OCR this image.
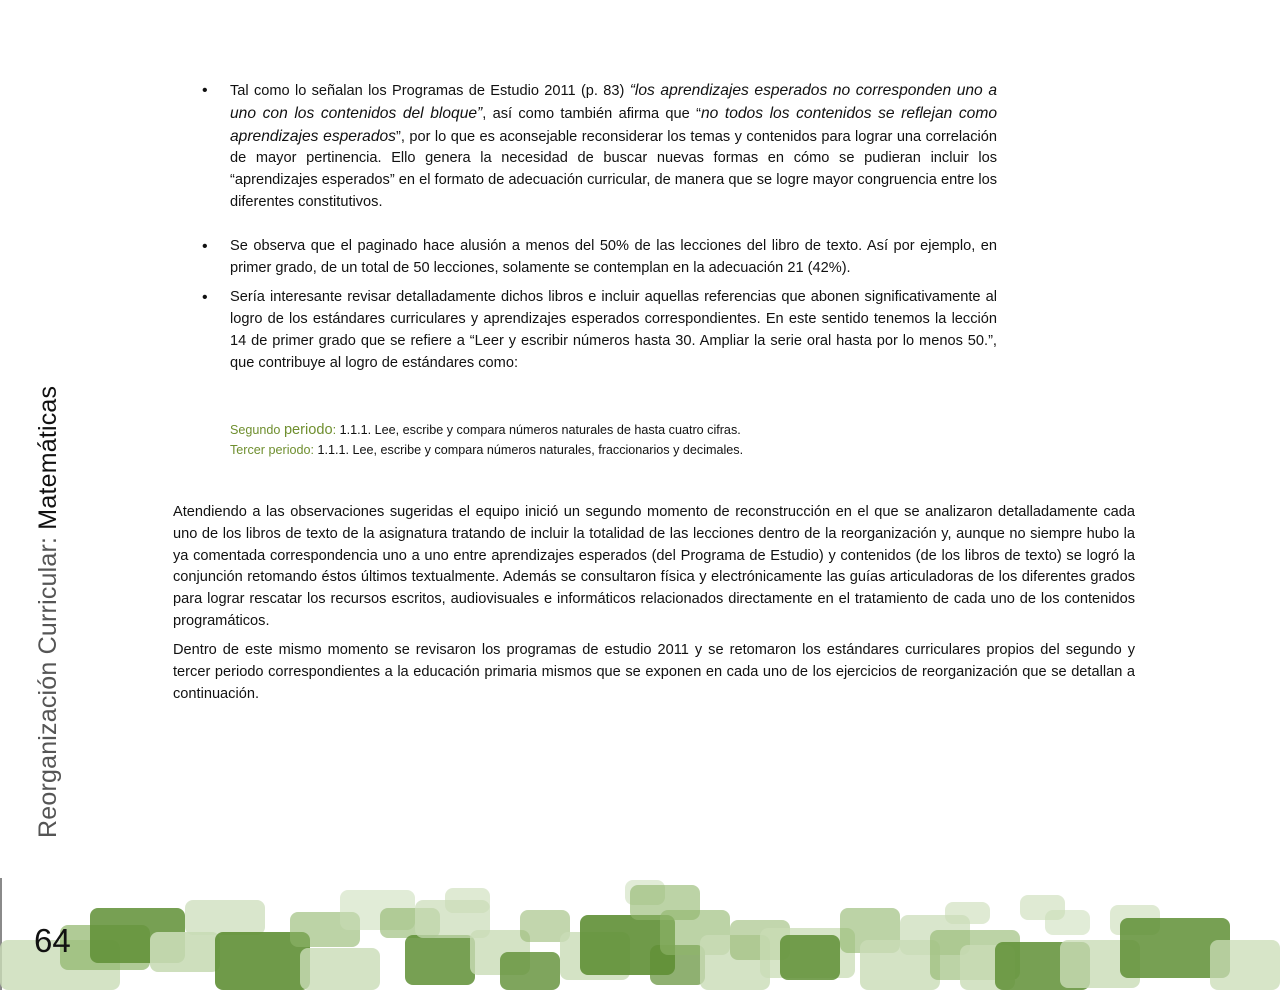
• Tal como lo señalan los Programas de Estudio 2011 (p. 83) “los aprendizajes esperados no corresponden uno a uno con los contenidos del bloque”, así como también afirma que “no todos los contenidos se reflejan como aprendizajes esperados”, por lo que es aconsejable reconsiderar los temas y contenidos para lograr una correlación de mayor pertinencia. Ello genera la necesidad de buscar nuevas formas en cómo se pudieran incluir los “aprendizajes esperados” en el formato de adecuación curricular, de manera que se logre mayor congruencia entre los diferentes constitutivos.
• Se observa que el paginado hace alusión a menos del 50% de las lecciones del libro de texto. Así por ejemplo, en primer grado, de un total de 50 lecciones, solamente se contemplan en la adecuación 21 (42%).
• Sería interesante revisar detalladamente dichos libros e incluir aquellas referencias que abonen significativamente al logro de los estándares curriculares y aprendizajes esperados correspondientes. En este sentido tenemos la lección 14 de primer grado que se refiere a “Leer y escribir números hasta 30. Ampliar la serie oral hasta por lo menos 50.”, que contribuye al logro de estándares como:
Segundo periodo: 1.1.1. Lee, escribe y compara números naturales de hasta cuatro cifras.
Tercer periodo: 1.1.1. Lee, escribe y compara números naturales, fraccionarios y decimales.

Atendiendo a las observaciones sugeridas el equipo inició un segundo momento de reconstrucción en el que se analizaron detalladamente cada uno de los libros de texto de la asignatura tratando de incluir la totalidad de las lecciones dentro de la reorganización y, aunque no siempre hubo la ya comentada correspondencia uno a uno entre aprendizajes esperados (del Programa de Estudio) y contenidos (de los libros de texto) se logró la conjunción retomando éstos últimos textualmente. Además se consultaron física y electrónicamente las guías articuladoras de los diferentes grados para lograr rescatar los recursos escritos, audiovisuales e informáticos relacionados directamente en el tratamiento de cada uno de los contenidos programáticos.

Dentro de este mismo momento se revisaron los programas de estudio 2011 y se retomaron los estándares curriculares propios del segundo y tercer periodo correspondientes a la educación primaria mismos que se exponen en cada uno de los ejercicios de reorganización que se detallan a continuación.

Reorganización Curricular: Matemáticas
64
